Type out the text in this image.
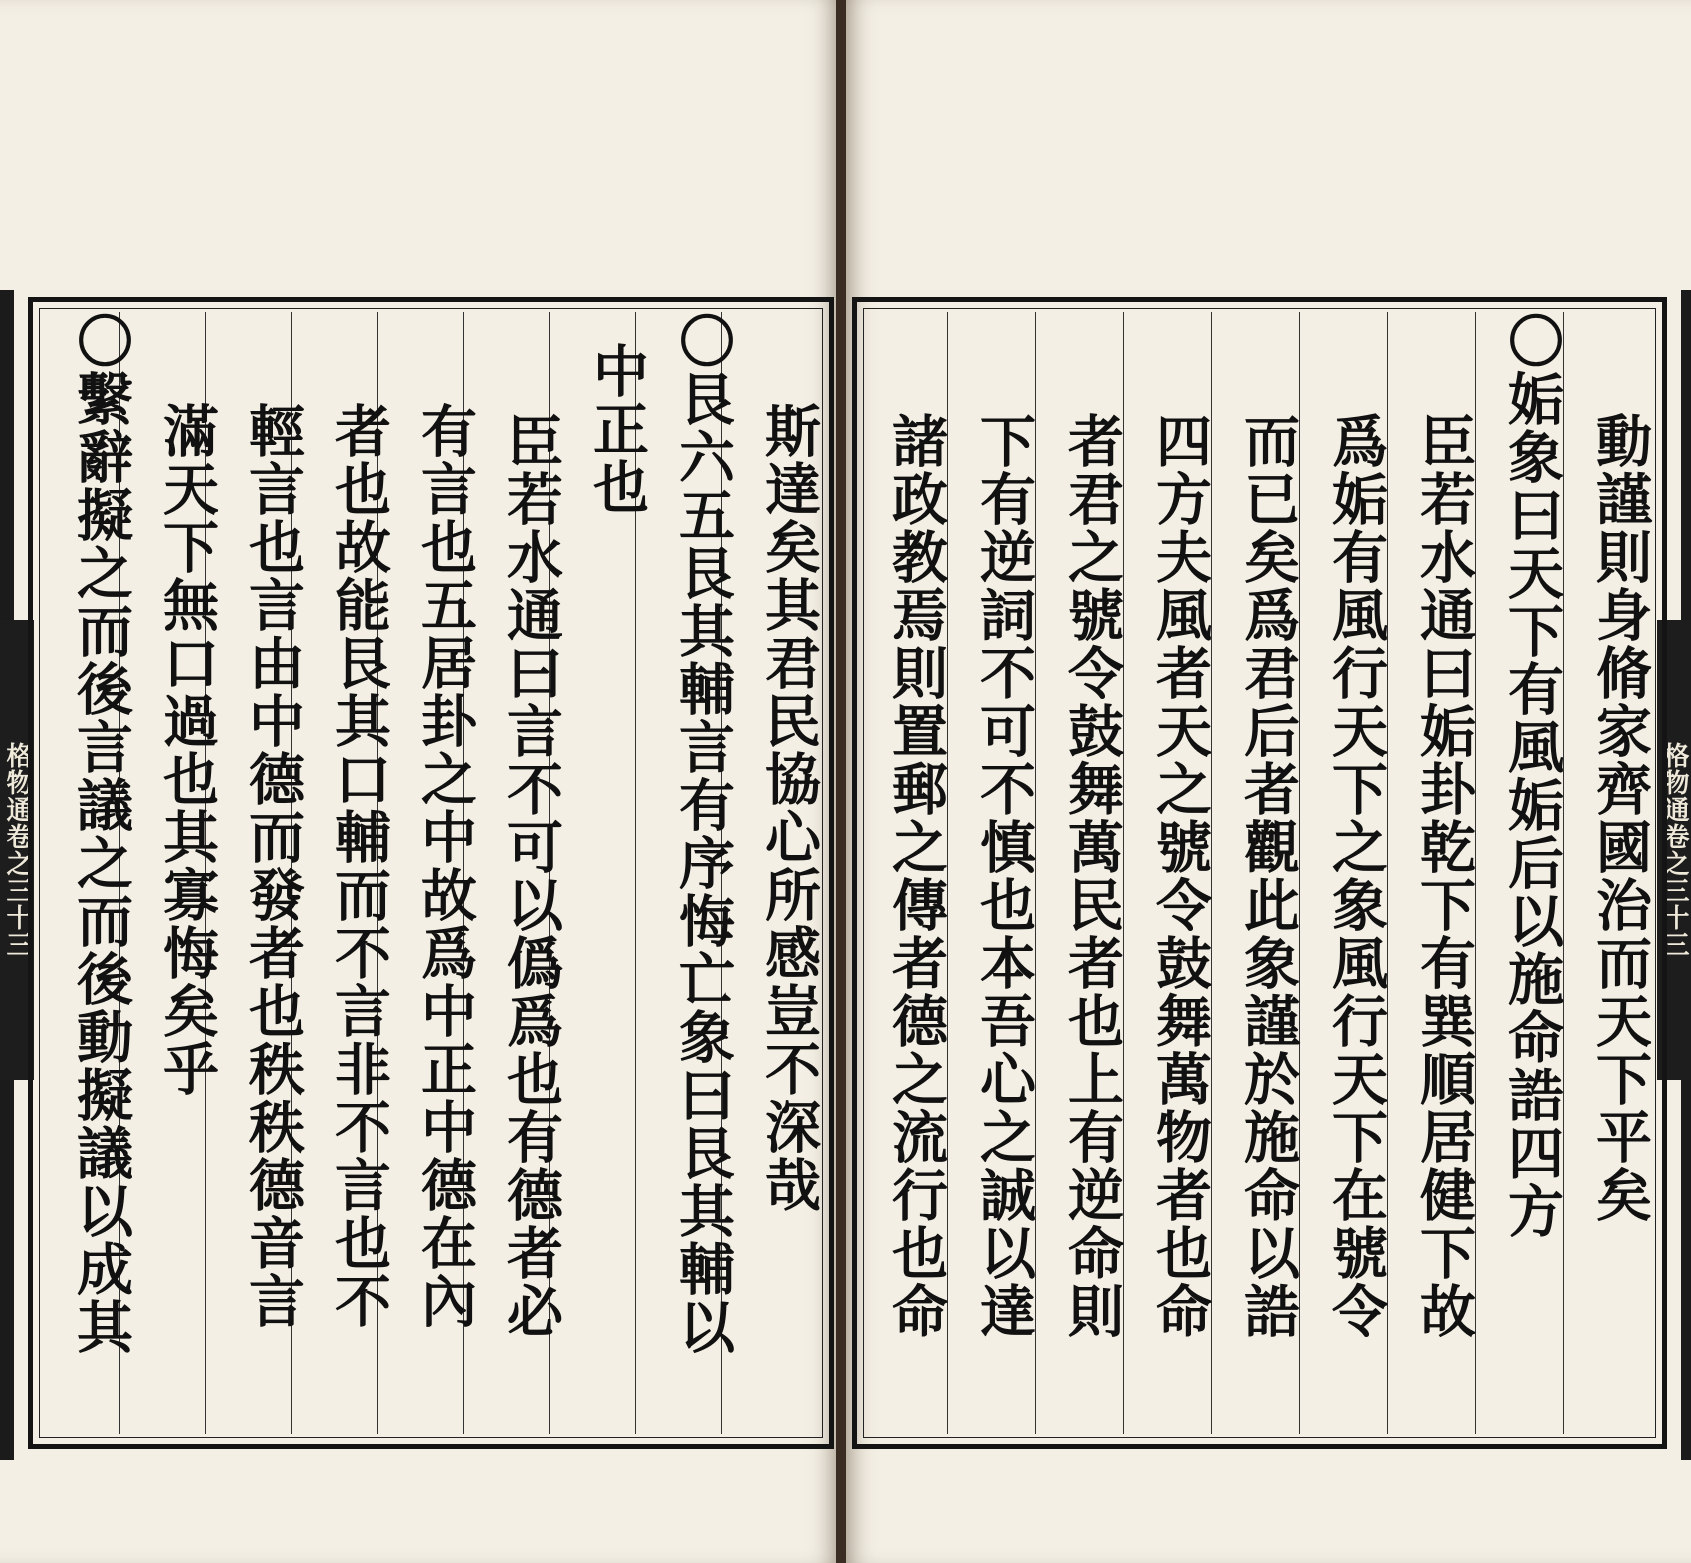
格物通卷之三十三	斯達矣其君民協心所感豈不深哉
〇艮六五艮其輔言有序悔亡象曰艮其輔以
中正也
臣若水通曰言不可以僞爲也有德者必
有言也五居卦之中故爲中正中德在內
者也故能艮其口輔而不言非不言也不
輕言也言由中德而發者也秩秩德音言
滿天下無口過也其寡悔矣乎
〇繫辭擬之而後言議之而後動擬議以成其	格物通卷之三十三
動謹則身脩家齊國治而天下平矣
〇姤象曰天下有風姤后以施命誥四方
臣若水通曰姤卦乾下有巽順居健下故
爲姤有風行天下之象風行天下在號令
而已矣爲君后者觀此象謹於施命以誥
四方夫風者天之號令鼓舞萬物者也命
者君之號令鼓舞萬民者也上有逆命則
下有逆詞不可不慎也本吾心之誠以達
諸政教焉則置郵之傳者德之流行也命
